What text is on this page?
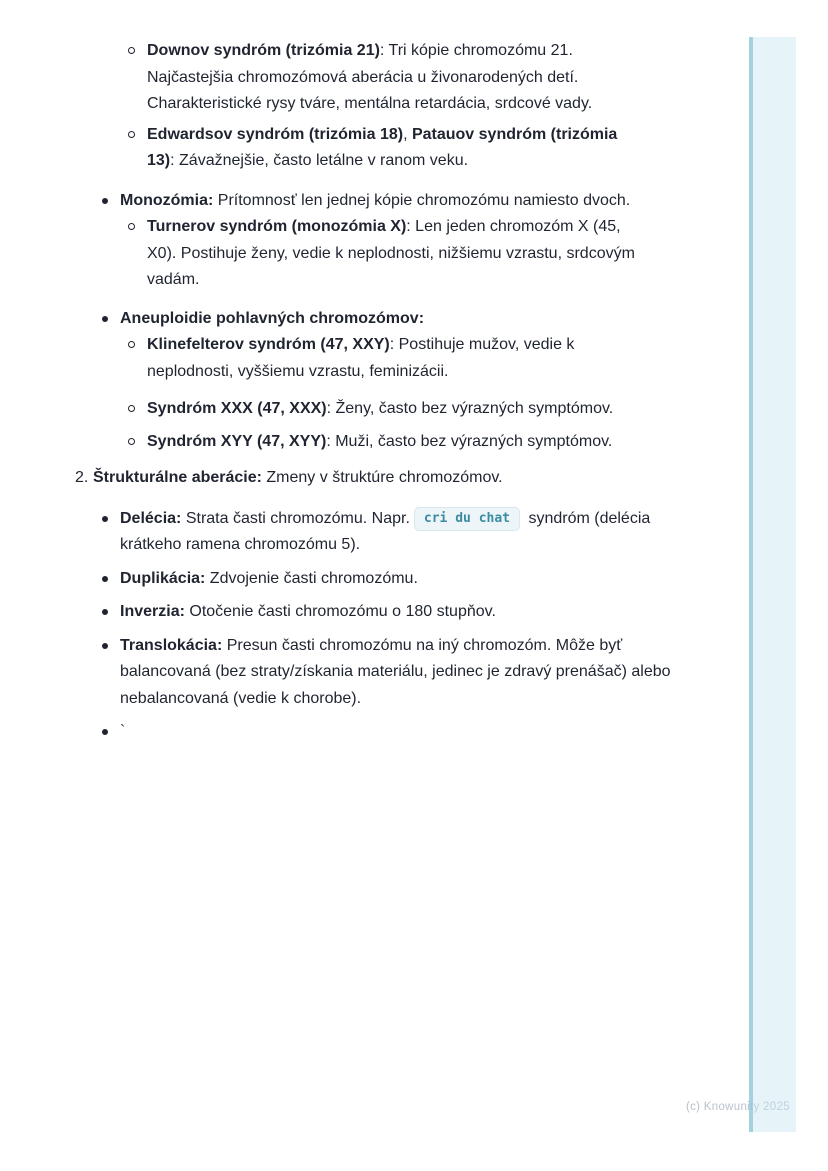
Downov syndróm (trizómia 21): Tri kópie chromozómu 21. Najčastejšia chromozómová aberácia u živonarodených detí. Charakteristické rysy tváre, mentálna retardácia, srdcové vady.
Edwardsov syndróm (trizómia 18), Patauov syndróm (trizómia 13): Závažnejšie, často letálne v ranom veku.
Monozómia: Prítomnosť len jednej kópie chromozómu namiesto dvoch.
Turnerov syndróm (monozómia X): Len jeden chromozóm X (45, X0). Postihuje ženy, vedie k neplodnosti, nižšiemu vzrastu, srdcovým vadám.
Aneuploidie pohlavných chromozómov:
Klinefelterov syndróm (47, XXY): Postihuje mužov, vedie k neplodnosti, vyššiemu vzrastu, feminizácii.
Syndróm XXX (47, XXX): Ženy, často bez výrazných symptómov.
Syndróm XYY (47, XYY): Muži, často bez výrazných symptómov.
2. Štrukturálne aberácie: Zmeny v štruktúre chromozómov.
Delécia: Strata časti chromozómu. Napr. cri du chat syndróm (delécia krátkeho ramena chromozómu 5).
Duplikácia: Zdvojenie časti chromozómu.
Inverzia: Otočenie časti chromozómu o 180 stupňov.
Translokácia: Presun časti chromozómu na iný chromozóm. Môže byť balancovaná (bez straty/získania materiálu, jedinec je zdravý prenášač) alebo nebalancovaná (vedie k chorobe).
`
(c) Knowunity 2025
